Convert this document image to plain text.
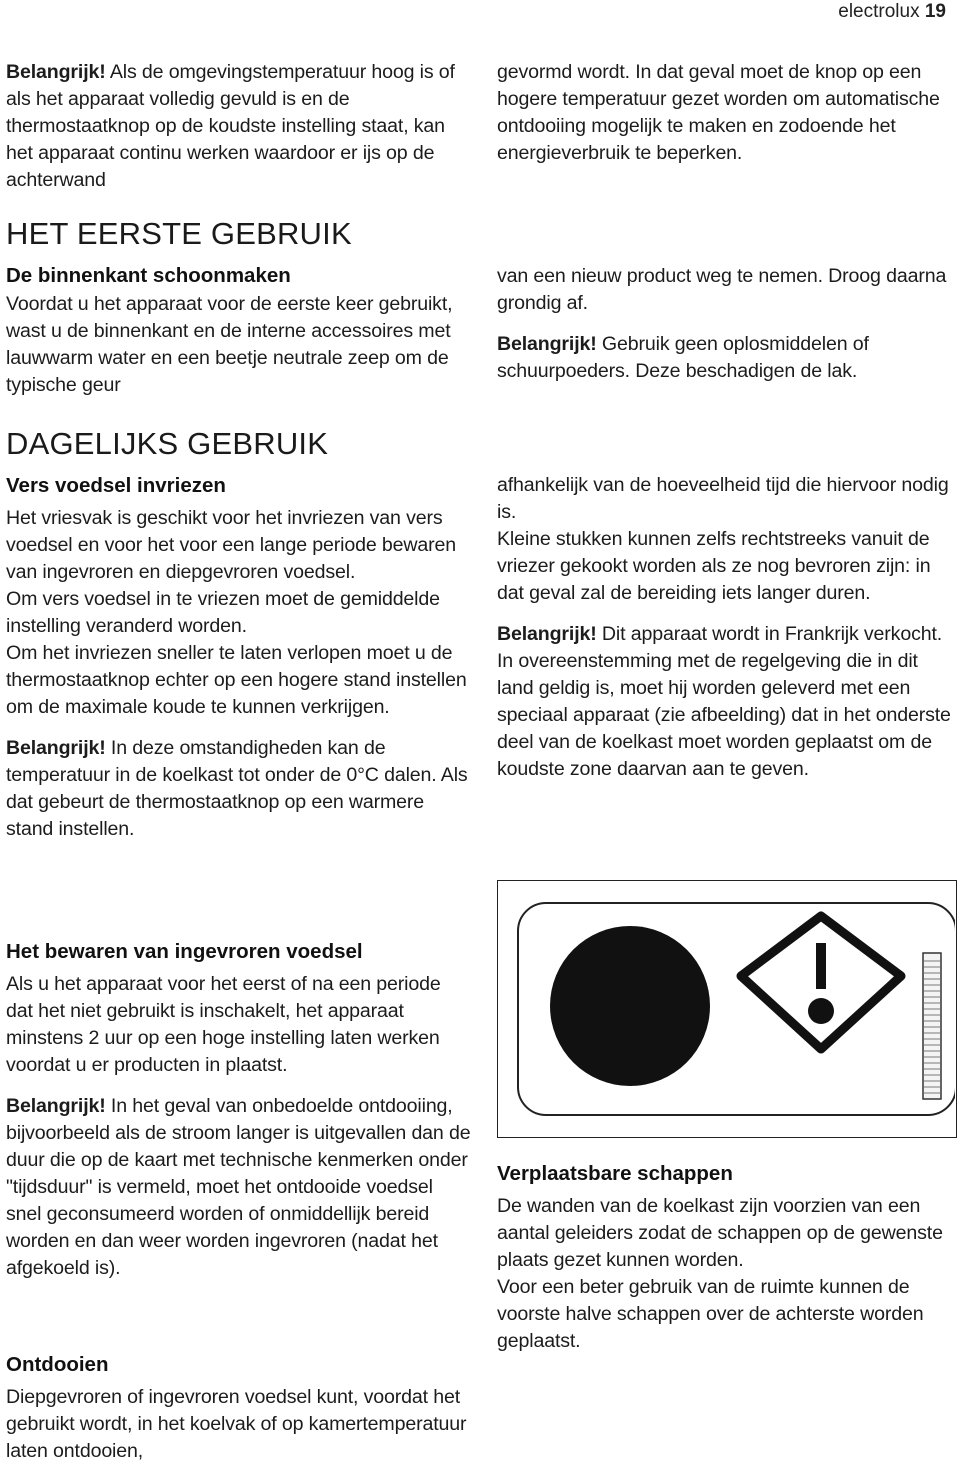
electrolux 19

Belangrijk! Als de omgevingstemperatuur hoog is of als het apparaat volledig gevuld is en de thermostaatknop op de koudste instelling staat, kan het apparaat continu werken waardoor er ijs op de achterwand

HET EERSTE GEBRUIK
De binnenkant schoonmaken

Voordat u het apparaat voor de eerste keer gebruikt, wast u de binnenkant en de interne accessoires met lauwwarm water en een beetje neutrale zeep om de typische geur

DAGELIJKS GEBRUIK
Vers voedsel invriezen

Het vriesvak is geschikt voor het invriezen van vers voedsel en voor het voor een lange periode bewaren van ingevroren en diepgevroren voedsel.

Om vers voedsel in te vriezen moet de gemiddelde instelling veranderd worden.

Om het invriezen sneller te laten verlopen moet u de thermostaatknop echter op een hogere stand instellen om de maximale koude te kunnen verkrijgen.

Belangrijk! In deze omstandigheden kan de temperatuur in de koelkast tot onder de 0°C dalen. Als dat gebeurt de thermostaatknop op een warmere stand instellen.

Het bewaren van ingevroren voedsel

Als u het apparaat voor het eerst of na een periode dat het niet gebruikt is inschakelt, het apparaat minstens 2 uur op een hoge instelling laten werken voordat u er producten in plaatst.

Belangrijk! In het geval van onbedoelde ontdooiing, bijvoorbeeld als de stroom langer is uitgevallen dan de duur die op de kaart met technische kenmerken onder "tijdsduur" is vermeld, moet het ontdooide voedsel snel geconsumeerd worden of onmiddellijk bereid worden en dan weer worden ingevroren (nadat het afgekoeld is).

Ontdooien

Diepgevroren of ingevroren voedsel kunt, voordat het gebruikt wordt, in het koelvak of op kamertemperatuur laten ontdooien,

gevormd wordt. In dat geval moet de knop op een hogere temperatuur gezet worden om automatische ontdooiing mogelijk te maken en zodoende het energieverbruik te beperken.

van een nieuw product weg te nemen. Droog daarna grondig af.

Belangrijk! Gebruik geen oplosmiddelen of schuurpoeders. Deze beschadigen de lak.

afhankelijk van de hoeveelheid tijd die hiervoor nodig is.

Kleine stukken kunnen zelfs rechtstreeks vanuit de vriezer gekookt worden als ze nog bevroren zijn: in dat geval zal de bereiding iets langer duren.

Belangrijk! Dit apparaat wordt in Frankrijk verkocht.

In overeenstemming met de regelgeving die in dit land geldig is, moet hij worden geleverd met een speciaal apparaat (zie afbeelding) dat in het onderste deel van de koelkast moet worden geplaatst om de koudste zone daarvan aan te geven.

Verplaatsbare schappen

De wanden van de koelkast zijn voorzien van een aantal geleiders zodat de schappen op de gewenste plaats gezet kunnen worden.

Voor een beter gebruik van de ruimte kunnen de voorste halve schappen over de achterste worden geplaatst.
